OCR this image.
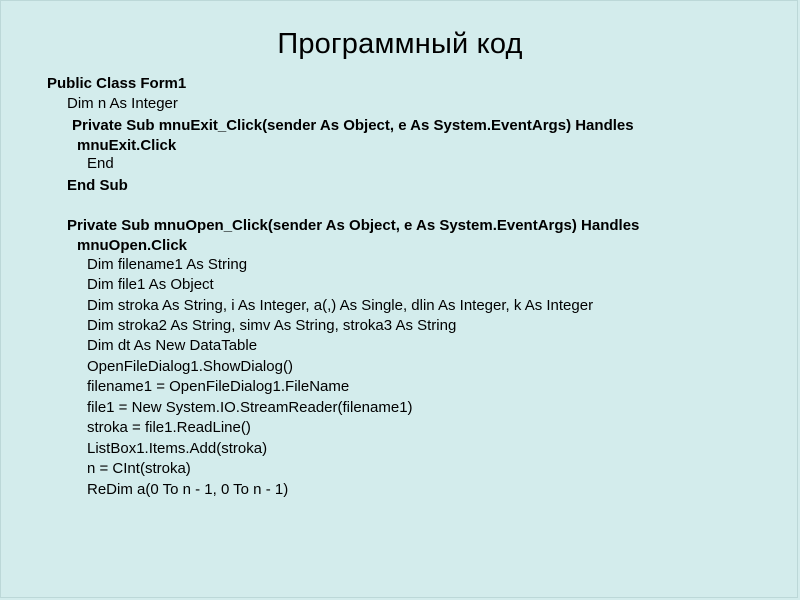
Программный код
Public Class Form1
Dim n As Integer
Private Sub mnuExit_Click(sender As Object, e As System.EventArgs) Handles
mnuExit.Click
End
End Sub
Private Sub mnuOpen_Click(sender As Object, e As System.EventArgs) Handles
mnuOpen.Click
Dim filename1 As String
Dim file1 As Object
Dim stroka As String, i As Integer, a(,) As Single, dlin As Integer, k As Integer
Dim stroka2 As String, simv As String, stroka3 As String
Dim dt As New DataTable
OpenFileDialog1.ShowDialog()
filename1 = OpenFileDialog1.FileName
file1 = New System.IO.StreamReader(filename1)
stroka = file1.ReadLine()
ListBox1.Items.Add(stroka)
n = CInt(stroka)
ReDim a(0 To n - 1, 0 To n - 1)
